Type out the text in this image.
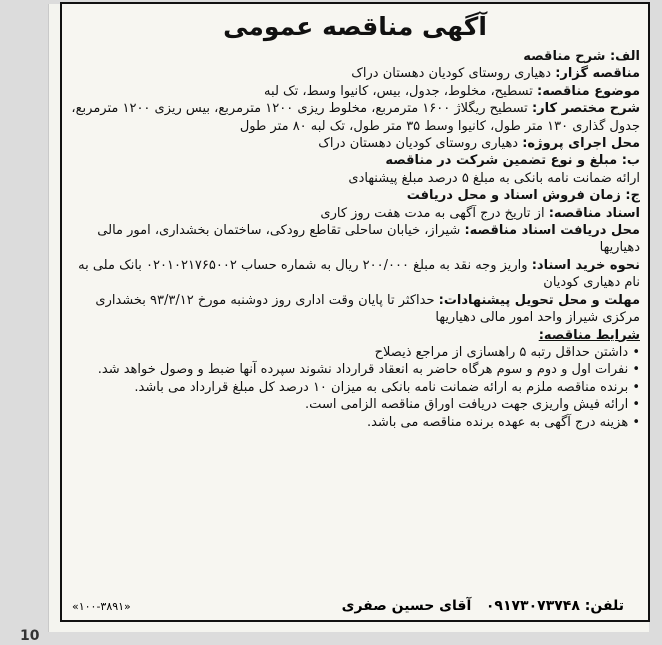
آگهی مناقصه عمومی
الف: شرح مناقصه
مناقصه گزار: دهیاری روستای کودیان دهستان دراک
موضوع مناقصه: تسطیح، مخلوط، جدول، بیس، کانیوا وسط، تک لبه
شرح مختصر کار: تسطیح ریگلاژ ۱۶۰۰ مترمربع، مخلوط ریزی ۱۲۰۰ مترمربع، بیس ریزی ۱۲۰۰ مترمربع، جدول گذاری ۱۳۰ متر طول، کانیوا وسط ۳۵ متر طول، تک لبه ۸۰ متر طول
محل اجرای پروژه: دهیاری روستای کودیان دهستان دراک
ب: مبلغ و نوع تضمین شرکت در مناقصه
ارائه ضمانت نامه بانکی به مبلغ ۵ درصد مبلغ پیشنهادی
ج: زمان فروش اسناد و محل دریافت
اسناد مناقصه: از تاریخ درج آگهی به مدت هفت روز کاری
محل دریافت اسناد مناقصه: شیراز، خیابان ساحلی تقاطع رودکی، ساختمان بخشداری، امور مالی دهیاریها
نحوه خرید اسناد: واریز وجه نقد به مبلغ ۲۰۰/۰۰۰ ریال به شماره حساب ۰۲۰۱۰۲۱۷۶۵۰۰۲ بانک ملی به نام دهیاری کودیان
مهلت و محل تحویل پیشنهادات: حداکثر تا پایان وقت اداری روز دوشنبه مورخ ۹۳/۳/۱۲ بخشداری مرکزی شیراز واحد امور مالی دهیاریها
شرایط مناقصه:
• داشتن حداقل رتبه ۵ راهسازی از مراجع ذیصلاح
• نفرات اول و دوم و سوم هرگاه حاضر به انعقاد قرارداد نشوند سپرده آنها ضبط و وصول خواهد شد.
• برنده مناقصه ملزم به ارائه ضمانت نامه بانکی به میزان ۱۰ درصد کل مبلغ قرارداد می باشد.
• ارائه فیش واریزی جهت دریافت اوراق مناقصه الزامی است.
• هزینه درج آگهی به عهده برنده مناقصه می باشد.
تلفن: ۰۹۱۷۳۰۷۳۷۴۸   آقای حسین صفری
«۱۰۰-۳۸۹۱»
10
